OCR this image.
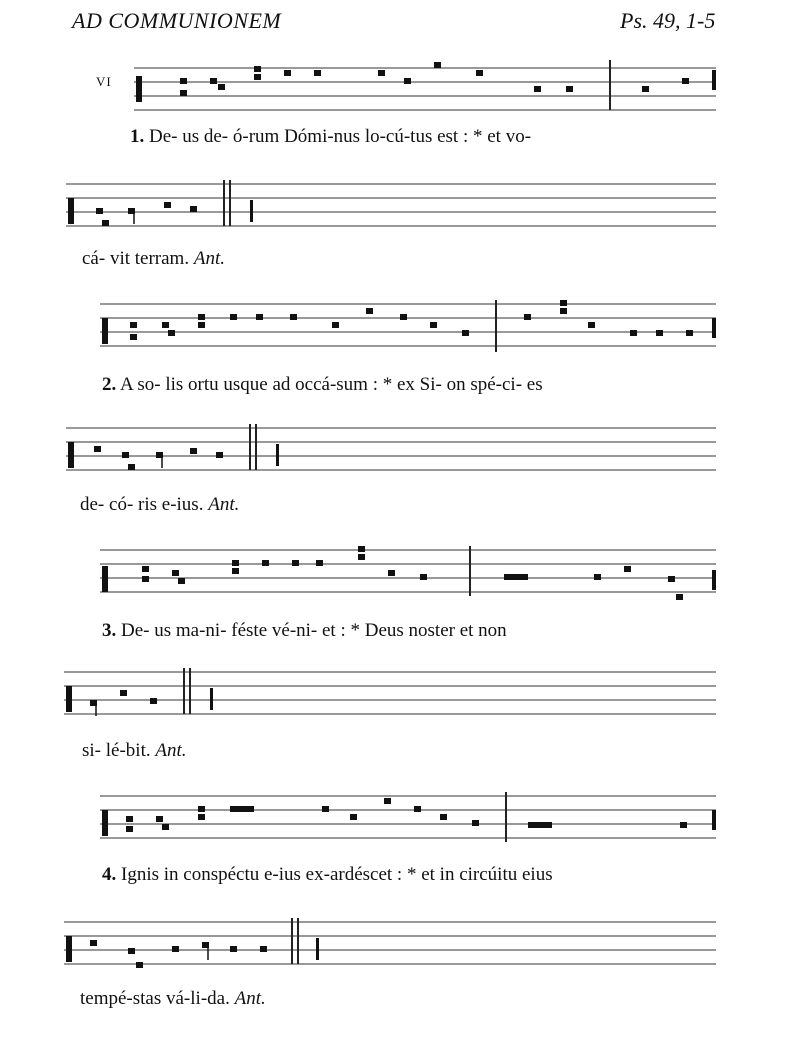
AD COMMUNIONEM	Ps. 49, 1-5
VI
1. De- us de- ó-rum Dómi-nus lo-cú-tus est : * et vo-
cá- vit terram. Ant.
2. A so- lis ortu usque ad occá-sum : * ex Si- on spé-ci- es
de- có- ris e-ius. Ant.
3. De- us ma-ni- féste vé-ni- et : * Deus noster et non
si- lé-bit. Ant.
4. Ignis in conspéctu e-ius ex-ardéscet : * et in circúitu eius
tempé-stas vá-li-da. Ant.
